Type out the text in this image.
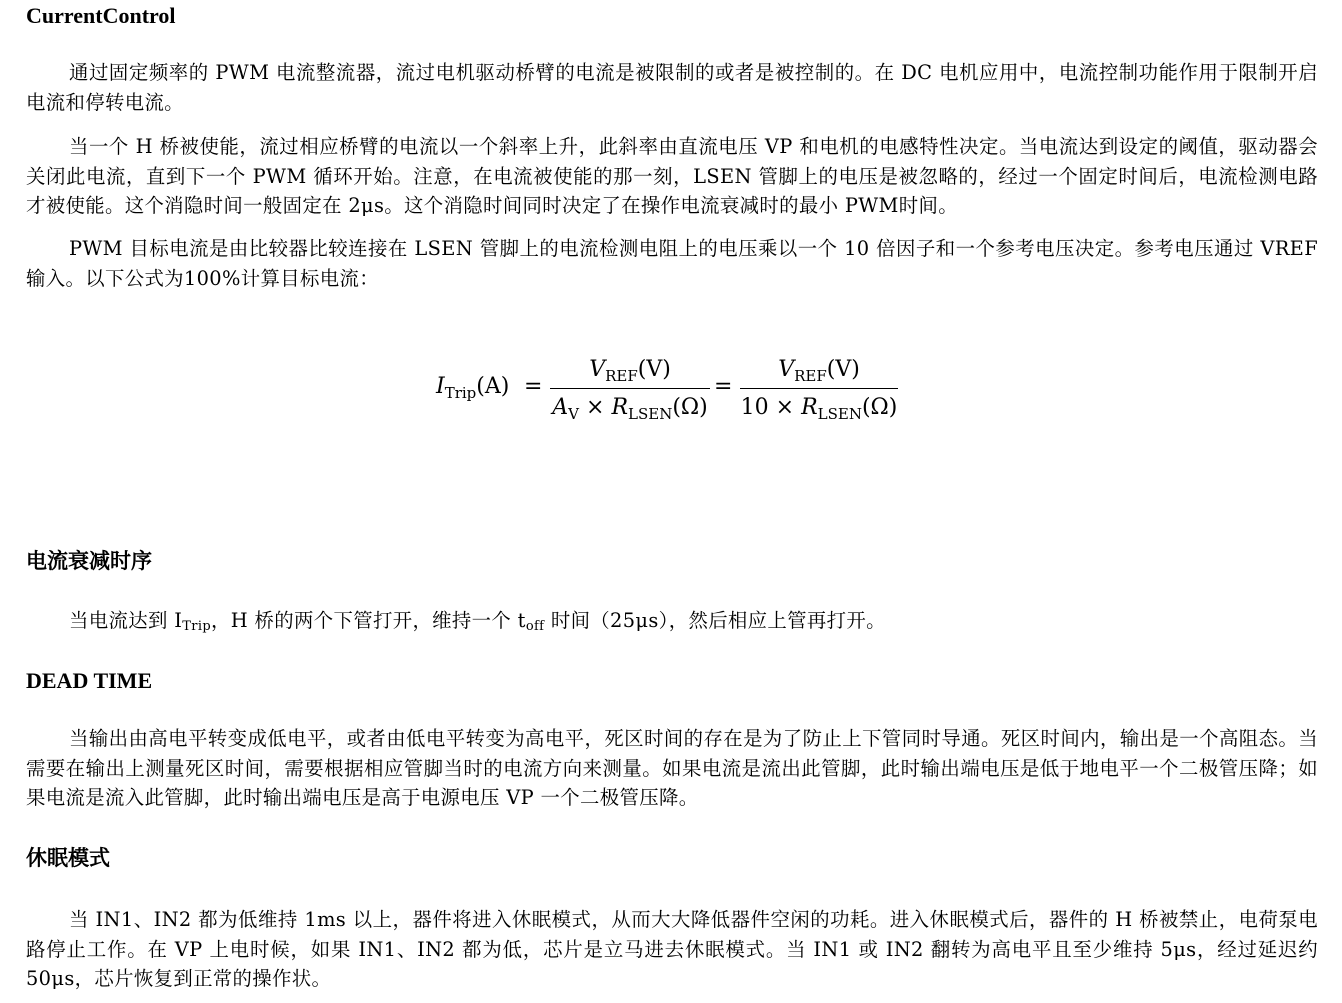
CurrentControl

通过固定频率的 PWM 电流整流器，流过电机驱动桥臂的电流是被限制的或者是被控制的。在 DC 电机应用中，电流控制功能作用于限制开启电流和停转电流。

当一个 H 桥被使能，流过相应桥臂的电流以一个斜率上升，此斜率由直流电压 VP 和电机的电感特性决定。当电流达到设定的阈值，驱动器会关闭此电流，直到下一个 PWM 循环开始。注意，在电流被使能的那一刻，LSEN 管脚上的电压是被忽略的，经过一个固定时间后，电流检测电路才被使能。这个消隐时间一般固定在 2μs。这个消隐时间同时决定了在操作电流衰减时的最小 PWM时间。

PWM 目标电流是由比较器比较连接在 LSEN 管脚上的电流检测电阻上的电压乘以一个 10 倍因子和一个参考电压决定。参考电压通过 VREF 输入。以下公式为100%计算目标电流：

$I_{Trip}(A)$ =
$V_{REF}(V)$
$A_V \times R_{LSEN}(\Omega)$
=
$V_{REF}(V)$
$10 \times R_{LSEN}(\Omega)$
电流衰减时序

当电流达到 $I_{Trip}$，H 桥的两个下管打开，维持一个 $t_{off}$ 时间（25μs），然后相应上管再打开。

DEAD TIME

当输出由高电平转变成低电平，或者由低电平转变为高电平，死区时间的存在是为了防止上下管同时导通。死区时间内，输出是一个高阻态。当需要在输出上测量死区时间，需要根据相应管脚当时的电流方向来测量。如果电流是流出此管脚，此时输出端电压是低于地电平一个二极管压降；如果电流是流入此管脚，此时输出端电压是高于电源电压 VP 一个二极管压降。

休眠模式

当 IN1、IN2 都为低维持 1ms 以上，器件将进入休眠模式，从而大大降低器件空闲的功耗。进入休眠模式后，器件的 H 桥被禁止，电荷泵电路停止工作。在 VP 上电时候，如果 IN1、IN2 都为低，芯片是立马进去休眠模式。当 IN1 或 IN2 翻转为高电平且至少维持 5μs，经过延迟约 50μs，芯片恢复到正常的操作状。
